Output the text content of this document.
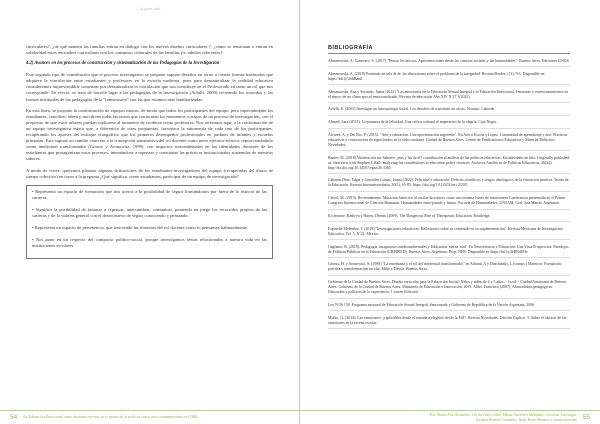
… la gran ciud…

curriculares?, ¿de qué manera las familias entran en diálogo con los nuevos diseños curriculares ?, ¿cómo se tensionan o entran en solidaridad estos encuadres curriculares con los consumos culturales de las familias y/o adultos referentes?

4.2) Avances en los procesos de construcción y sistematización de las Pedagogías de la Investigación

Este segundo tipo de contribución que el proceso investigativo se propone supone desafíos en torno a ciertas formas instituidas que adquiere la vinculación entre estudiantes y profesores en la escuela moderna, pues para desnaturalizar la realidad educativa consideramos imprescindible comenzar por desnaturalizar la vinculación que nos constituye en el Profesorado en tanto un rol que nos corresponde. En efecto, se trata de hacerle lugar a las pedagogías de la investigación (Achilli, 2000) recreando los acuerdos y las formas instituidas de las pedagogías de la "transmisión" con las que estamos más familiarizadas.

En esta línea, se propone la conformación de equipos mixtos, de modo que todos los participantes del equipo, pero especialmente los estudiantes, concilien, ideen y movilicen todas las tareas que conforman los momentos o etapas de un proceso de investigación, con el propósito de que estos saberes puedan replicarse al momento de recibirse como profesores. Nos referimos aquí, a la conformación de un equipo investigativo mixto que, a diferencia de otras propuestas, favorezca la autonomía de cada uno de los participantes, recuperando los aportes del enfoque etnográfico que los primeros desempeños profesionales en jardines de infantes y escuelas primarias. Este supone un cambio concreto a la concepción transmisiva del rol docente como mero ejecutor-técnico, reposicionándolo como intelectual transformador (Giroux y Aronowitz, 1999), con impactos trascendentales en las identidades docentes de los estudiantes que protagonizan estos procesos, intentándose a repensar y cuestionar las prácticas institucionales sostenidas de nuestros saberes.

A modo de cierre, queremos plasmar algunas definiciones de los estudiantes-investigadores del equipo (recuperadas del diario de campo colectivo) en torno a la pregunta ¿Qué significa, como estudiantes, participar de un equipo de investigación?

• Representa un espacio de formación que nos acerca a la posibilidad de seguir formándonos por fuera de lo estricto de las carreras.

• Significa la posibilidad de juntarse a repensar, intercambiar, comunicar, poniendo en juego los recorridos propios de las carreras y de la vida en general con el deseo nuevo de seguir conociendo y pensando.

• Representa un espacio de pertenencia, que trasciende las fronteras del rol docente como lo pensamos habitualmente.

• Nos pone en un respecto del compacto político-social, porque investigamos temas relacionados a nuestra vida en las instituciones escolares.

54	La Educación Emocional como distintas escenas en el marco de la política curricular contemporánea en CABA
BIBLIOGRAFÍA
Abramowski, A; Canevaro, S. (2017) "Pensar los afectos. Aproximaciones desde las ciencias sociales y las humanidades". Buenos Aires, Ediciones UNGS
Abramowski, A. (2018) Poniendo en tela de fe: las discusiones sobre el problema de la integridad. Revista Bordes, (11), 9-1. Disponible en https://bit.ly/2xbBamI
Abramowski, Ana y Sorondo, Juana (2022) "Las emociones en la Educación Sexual Integral y la Educación Emocional. Tensiones y entrecruzamientos en el marco de un clima epocal emocionalizado. Revista de educación Año XIV Nº27 1(2022)
Achilli, E. (2005) Investigar en Antropología social. Los desafíos de transmitir un oficio. Rosario. Laborde.
Ahmed, Sara (2015). La promesa de la felicidad. Una crítica cultural al imperativo de la alegría. Caja Negra.
Álvarez, A. y Del Río, P. (2013). "Arte y educación. Una aproximación sugerente". En Arte e Escola y Lopez. Comunidad de aprendizaje y arte. Prácticas educativas y construcción de significados en la vida cotidiana. Ciudad de Buenos Aires, Centro de Publicaciones Educativas y Material Didáctico. Novedades.
Banter, M. (2018) Vulneración sin Saberes: ¿mis y las de él? contribución al análisis de las políticas educativas. Encabezando un hilo. Originally published as: Interview with Stephen J. Ball: analyzing his contributions to education policy research. Archivos Analíticos de Políticas Educativas, 26(24). http://dx.doi.org/10.14507/epaa.26.3385
Cabanas Díaz, Edgar y González Lomas, Juana (2022). Felicidad y educación: Déficits científicos y sesgos ideológicos de la educación positiva. Teoría de la Educación. Revista Interuniversitaria, 30(1), 65-85. https://doi.org/10.14201/teri.23335
Clavel, M. (2019). Recientemente. Mutación histórica: el oscilar discursivo como una sistema fuerte de transformar Conferencia presentada en el Primer Congreso Internacional de Ciencias Humanas. Humanidades entre pasado y futuro. Escuela de Humanidades, UNSAM. Gral. San Martín, Argentina.
Ecclestone, Kathryn y Hayes, Dennis (2009). The Dangerous Rise of Therapeutic Education. Routledge.
Espinelle Meléndez, J. (2018) "Investigaciones educativas: Reflexiones sobre su contenido en su implementación". Revista Mexicana de Investigación Educativa, Vol. 5, Nº22, México.
Gagliano, R. (2019). Pedagogía, imaginarios medioambientales y Educación 'eterna 'mal'. En Neurociencia y Educación: Una Vista Prospectiva. Paradojas de Políticas Públicas en la Educación (CRPIPIED). Buenos Aires, Argentina: Prop. NFB. Disponible en https://bit.ly/2rRNdfMv
Giroux, H. y Aronowitz, S. (1998) "La enseñanza y el rol del intelectual transformador" en Alliaud, A y Duschatzky, L (comps.) Maestros: Formación, práctica y transformación escolar. Miño y Dávila. Buenos Aires.
Gobierno de la Ciudad de Buenos Aires. Diseño curricular para la Educación Inicial: Niños y niñas de 4 y 5 años. - 1a ed. - Ciudad Autónoma de Buenos Aires: Gobierno de la Ciudad de Buenos Aires. Ministerio de Educación e Innovación, 2019. Alder, Francisco (2007). Abracadabra pedagógicas. Educación y políticas de la experiencia. 1 sorten Editorial.
Ley Nº26.150. Programa nacional de Educación Sexual Integral, Sancionada y Gobierno de República de la Nación Argentina, 2006
Molko, G. (2014). Las emociones: ¿replicables desde el entrada a elegidos desde la ESI?, Revista Novedades. Edición Explicit. 5. Saber el ofisicar de las emociones en la escena escolar.
Por María Paz Ortmaños, Carlos Iván Coller, Marta Guerrero Meléndez, Carolina Lucenaga,
Josefina Romero González, Sofía Belén Romero y Juana Sorondo 55
